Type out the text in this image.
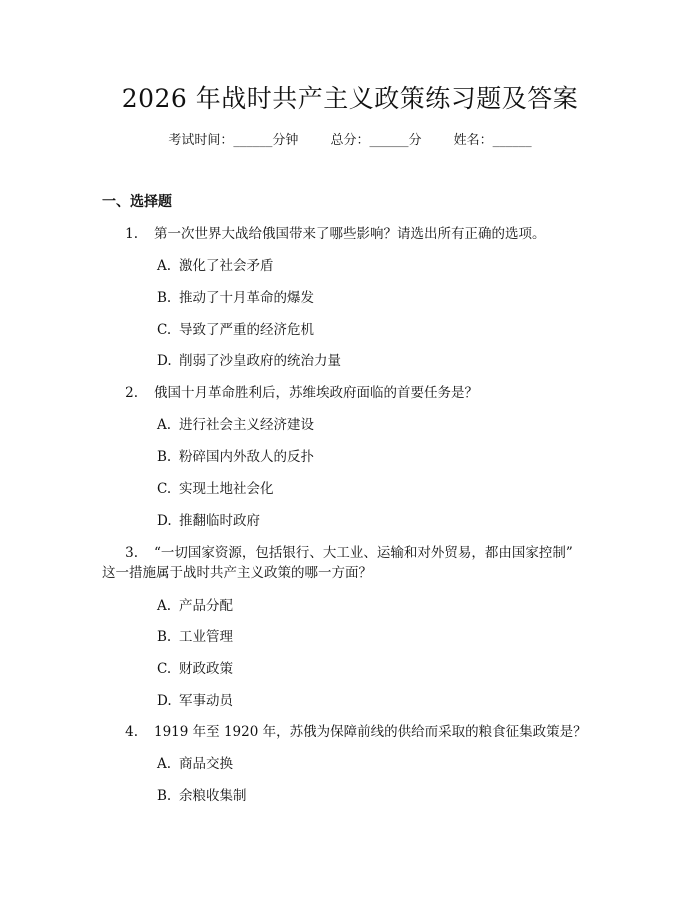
2026 年战时共产主义政策练习题及答案
考试时间：______分钟 总分：______分 姓名：______
一、选择题
1. 第一次世界大战给俄国带来了哪些影响？请选出所有正确的选项。
A. 激化了社会矛盾
B. 推动了十月革命的爆发
C. 导致了严重的经济危机
D. 削弱了沙皇政府的统治力量
2. 俄国十月革命胜利后，苏维埃政府面临的首要任务是？
A. 进行社会主义经济建设
B. 粉碎国内外敌人的反扑
C. 实现土地社会化
D. 推翻临时政府
3. “一切国家资源，包括银行、大工业、运输和对外贸易，都由国家控制”
这一措施属于战时共产主义政策的哪一方面？
A. 产品分配
B. 工业管理
C. 财政政策
D. 军事动员
4. 1919 年至 1920 年，苏俄为保障前线的供给而采取的粮食征集政策是？
A. 商品交换
B. 余粮收集制
